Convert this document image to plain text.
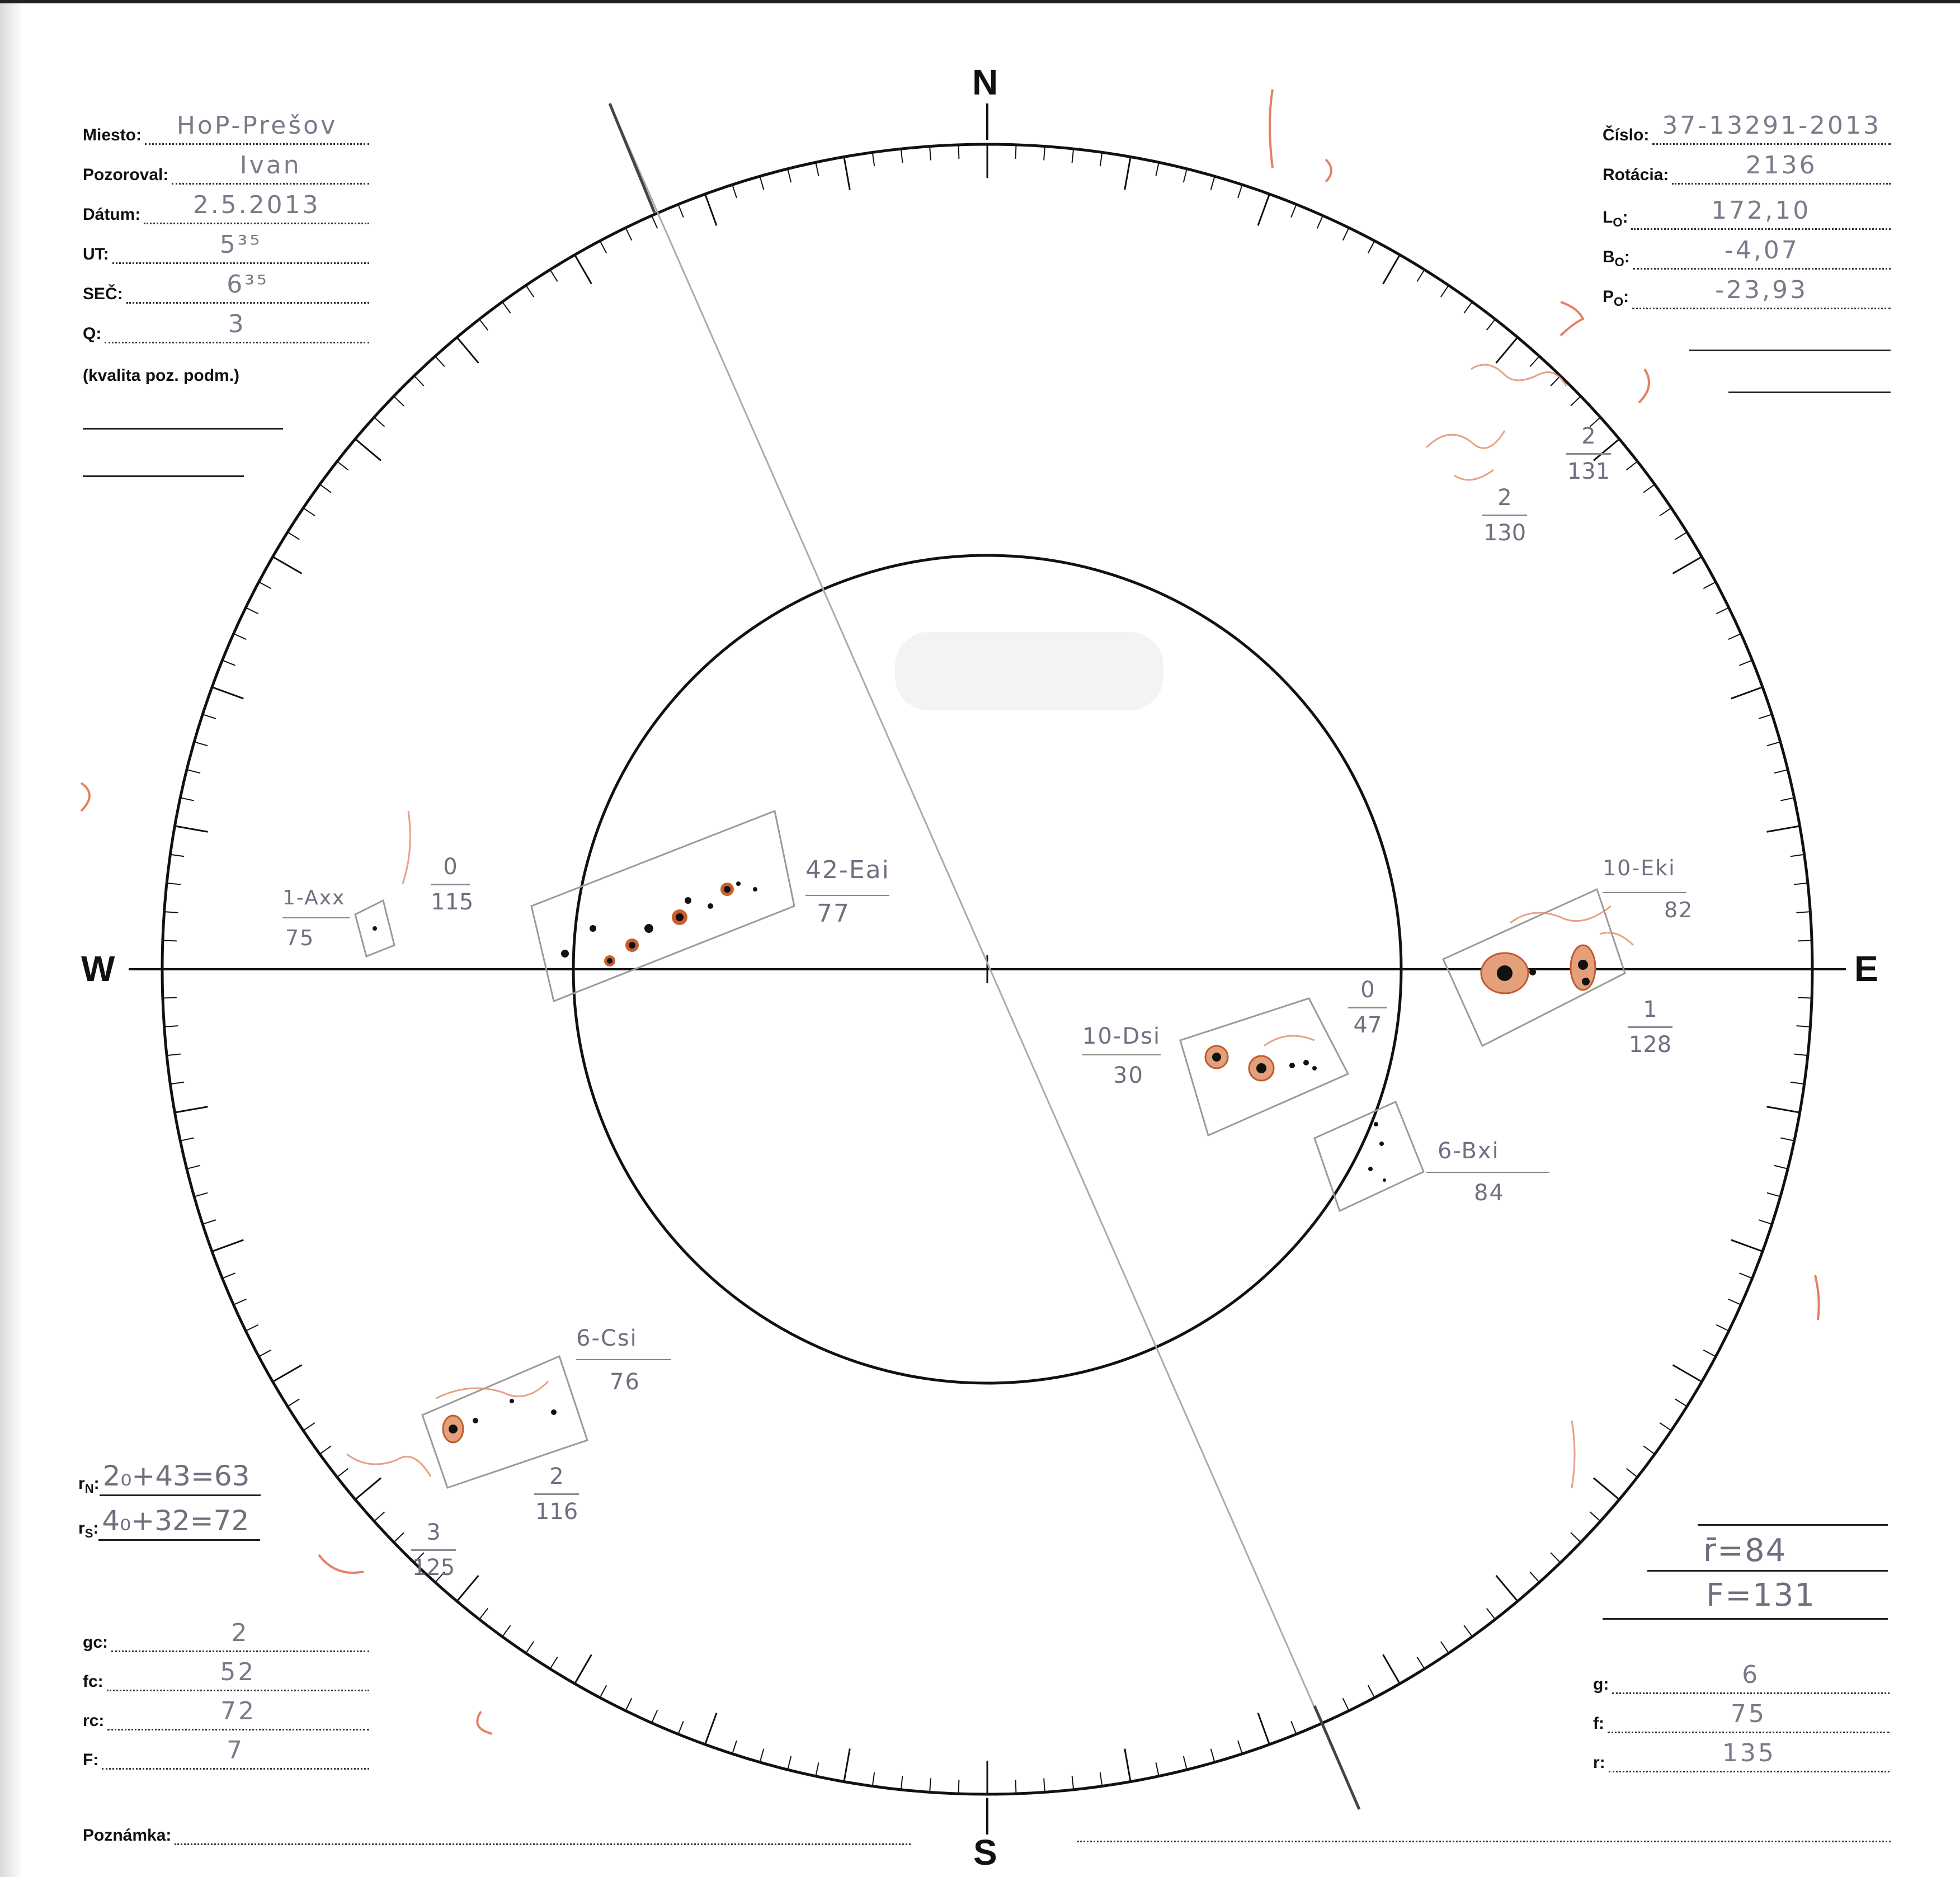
N
S
E
W
Miesto:	HoP-Prešov
Pozoroval:	Ivan
Dátum:	2.5.2013
UT:	5³⁵
SEČ:	6³⁵
Q:	3
(kvalita poz. podm.)
Číslo: 37-13291-2013
Rotácia:	2136
$L_O$:	172,10
$B_O$:	-4,07
$P_O$:	-23,93
42-Eai
77
10-Eki
82
10-Dsi
30
6-Bxi
84
6-Csi
76
1-Axx
75
$\frac{0}{115}$
$\frac{0}{47}$	$\frac{1}{128}$
$\frac{2}{131}$
$\frac{2}{130}$
$\frac{2}{116}$
$\frac{3}{125}$
$r_N$: 2₀+43=63
$r_S$: 4₀+32=72
r̄=84
F=131
gc:	2
fc:	52
rc:	72
F:	7
g:	6
f:	75
r:	135
Poznámka:
